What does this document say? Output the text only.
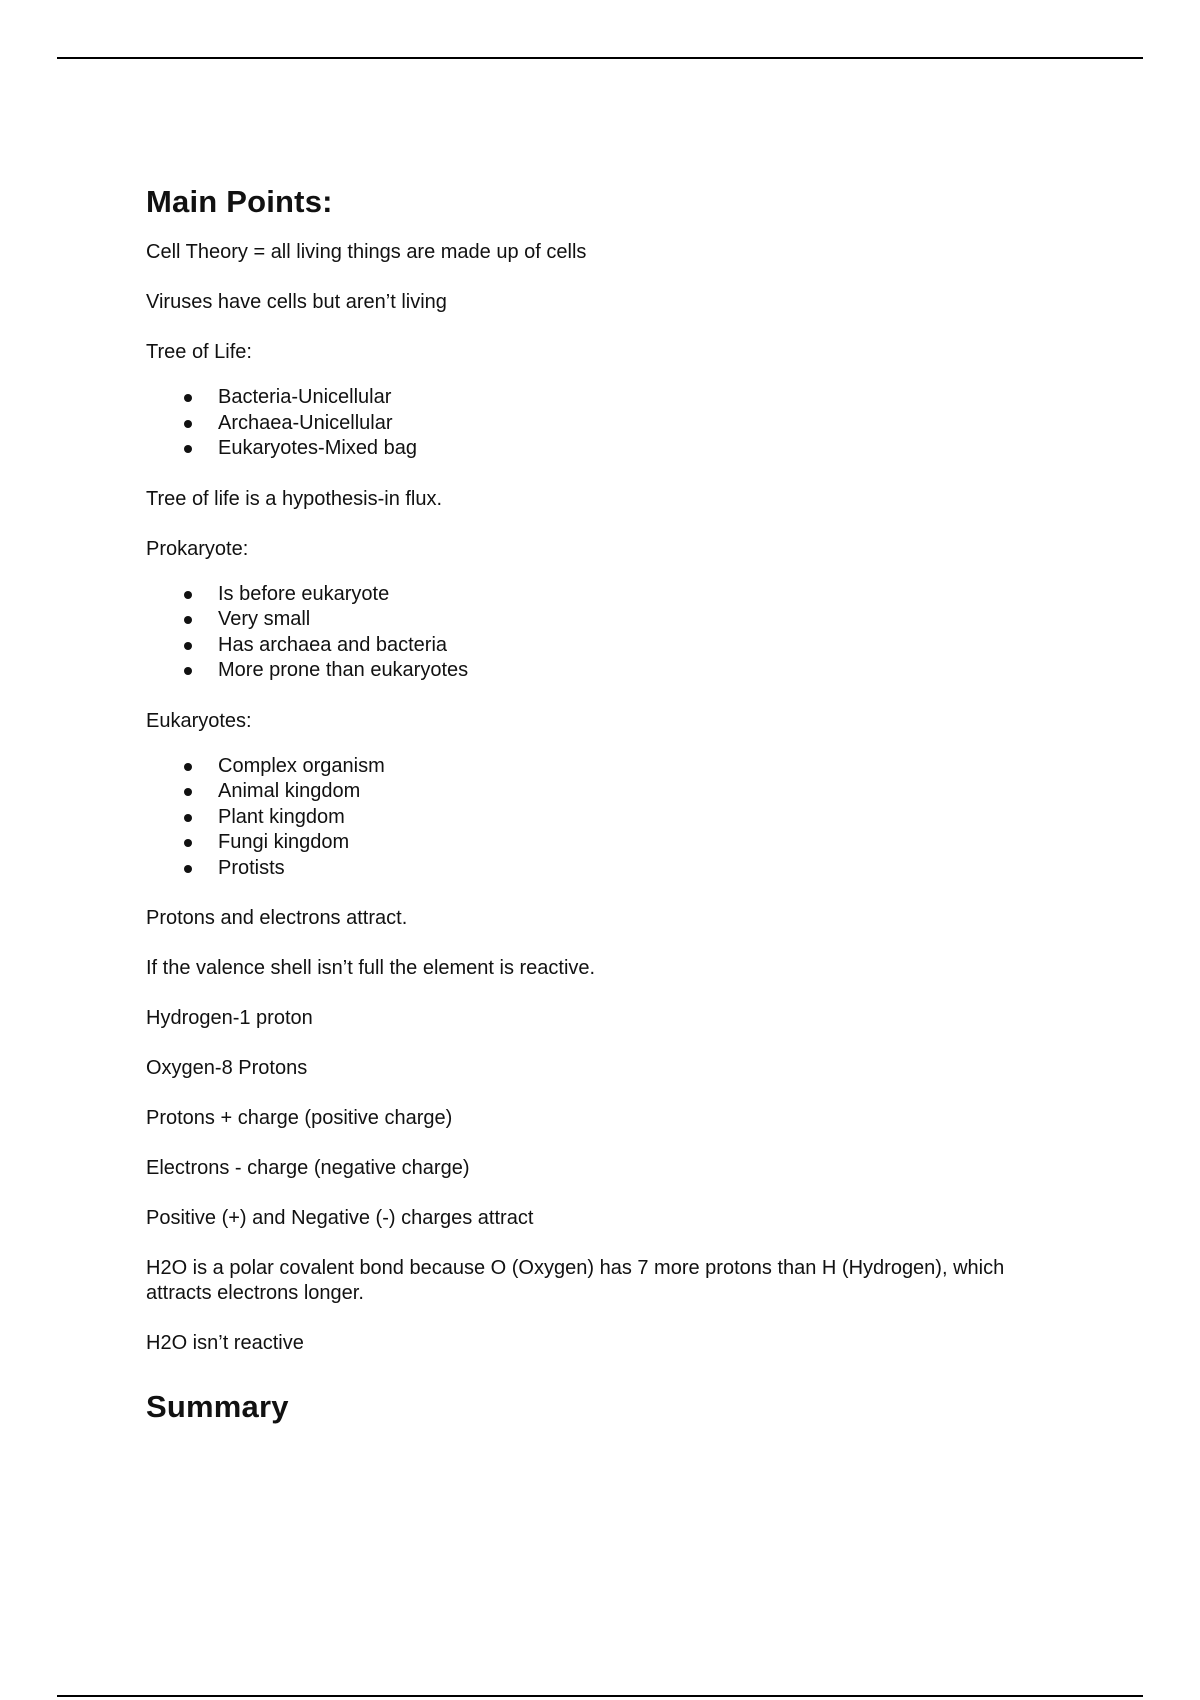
Main Points:

Cell Theory = all living things are made up of cells

Viruses have cells but aren’t living

Tree of Life:

Bacteria-Unicellular
Archaea-Unicellular
Eukaryotes-Mixed bag

Tree of life is a hypothesis-in flux.

Prokaryote:

Is before eukaryote
Very small
Has archaea and bacteria
More prone than eukaryotes

Eukaryotes:

Complex organism
Animal kingdom
Plant kingdom
Fungi kingdom
Protists

Protons and electrons attract.

If the valence shell isn’t full the element is reactive.

Hydrogen-1 proton

Oxygen-8 Protons

Protons + charge (positive charge)

Electrons - charge (negative charge)

Positive (+) and Negative (-) charges attract

H2O is a polar covalent bond because O (Oxygen) has 7 more protons than H (Hydrogen), which attracts electrons longer.

H2O isn’t reactive

Summary
